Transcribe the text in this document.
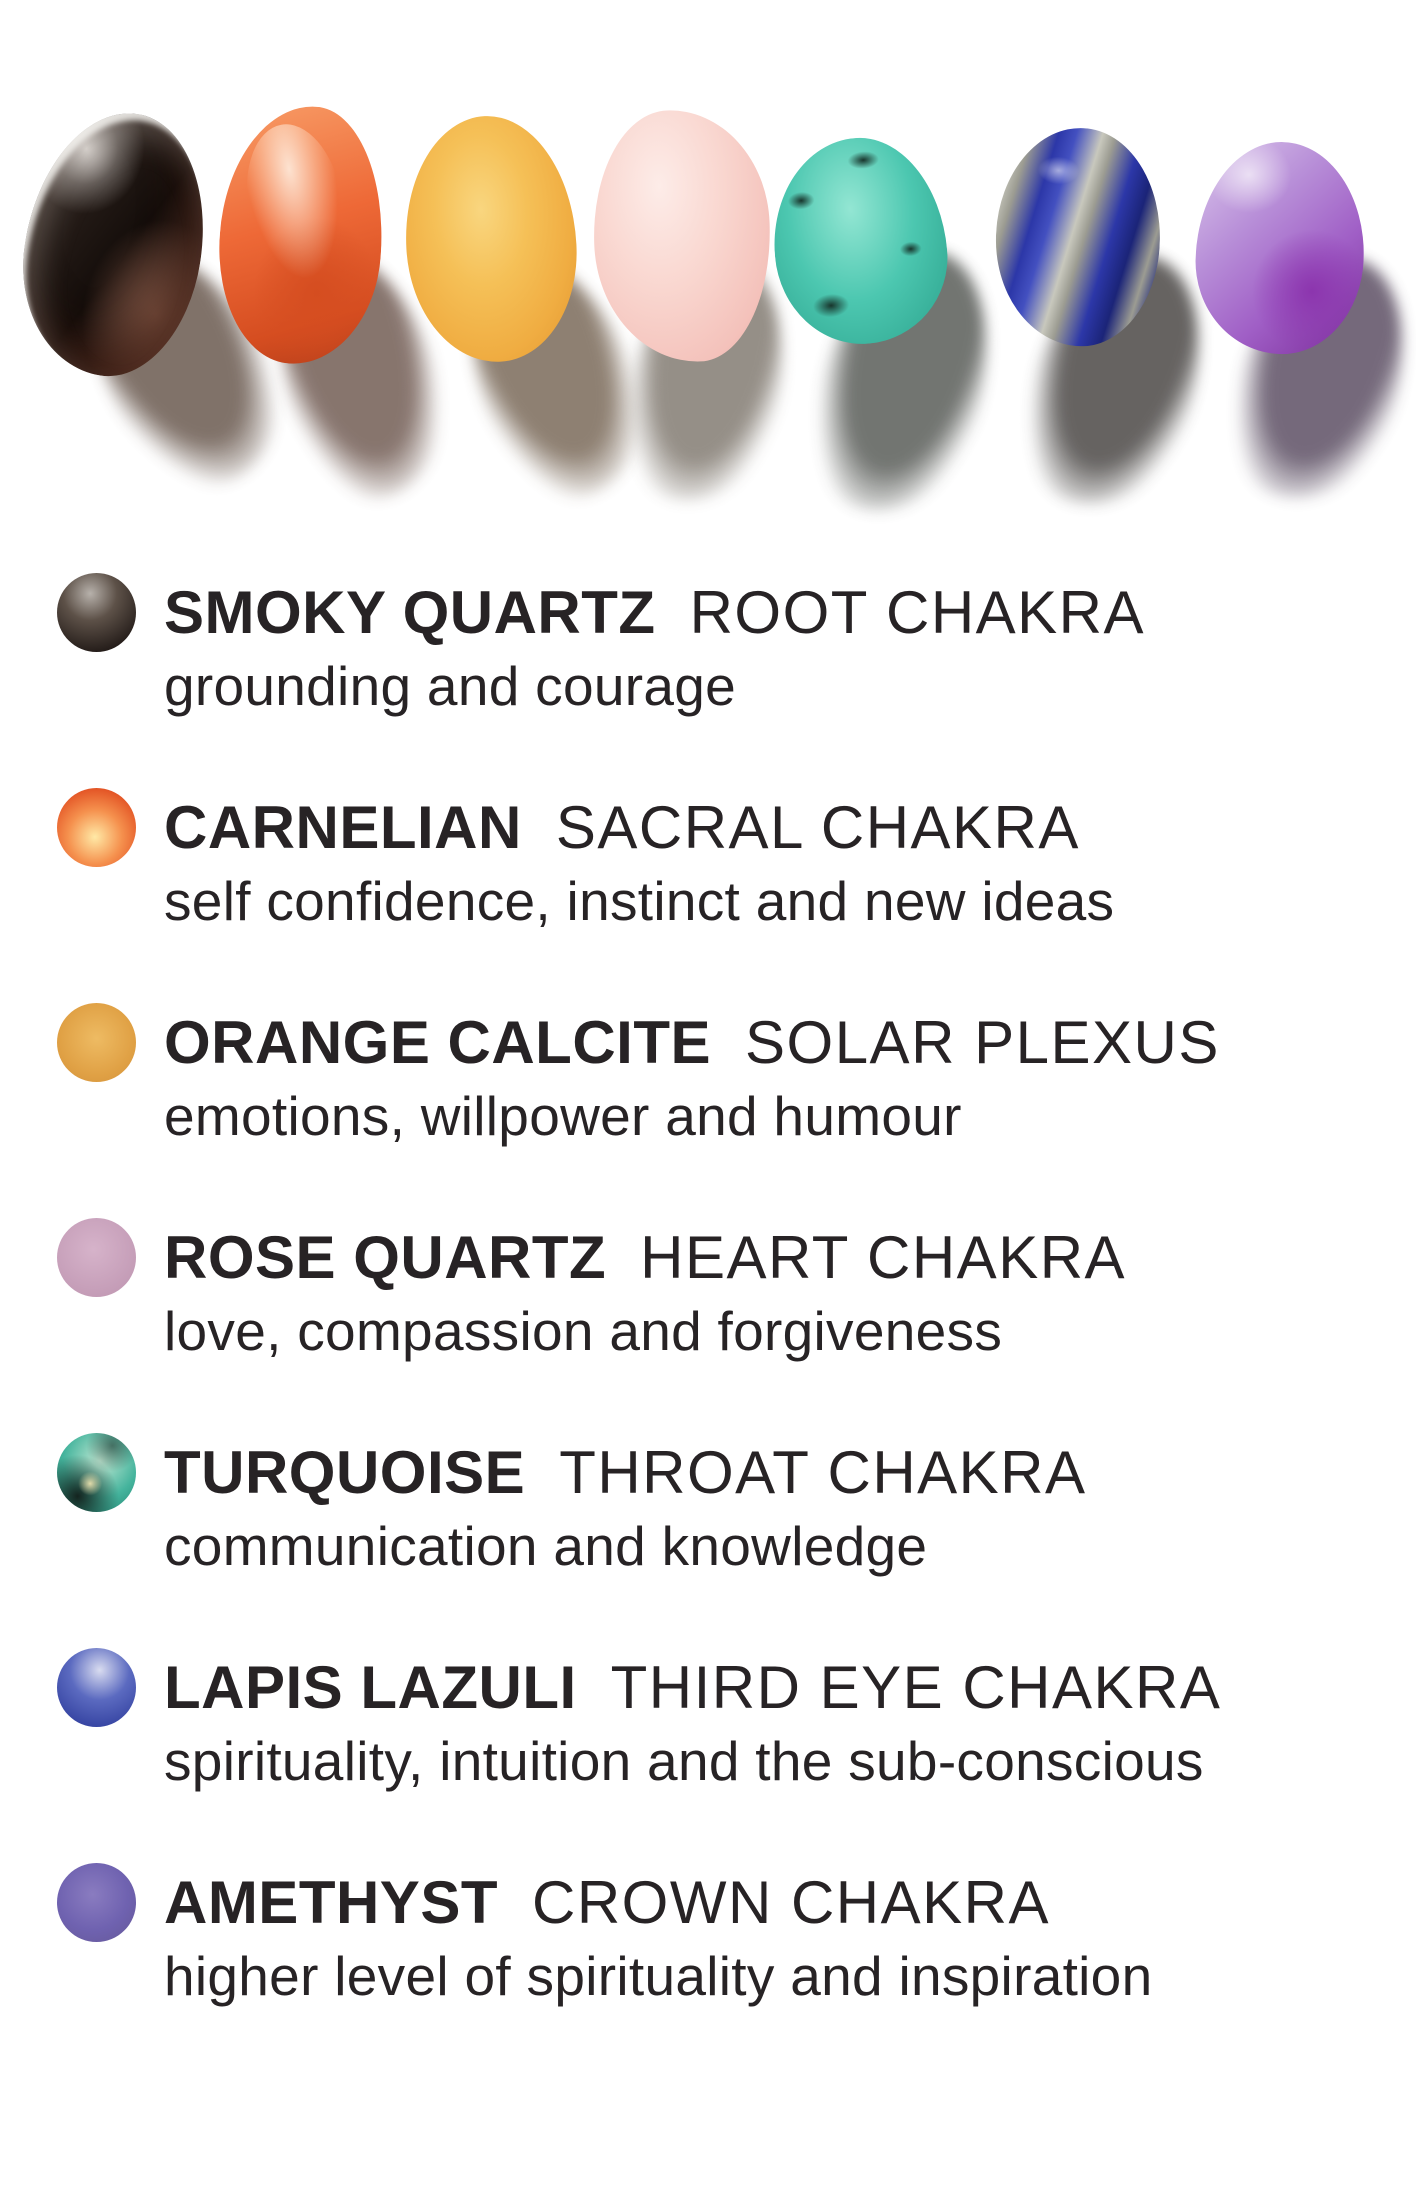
SMOKY QUARTZ ROOT CHAKRA
grounding and courage
CARNELIAN SACRAL CHAKRA
self confidence, instinct and new ideas
ORANGE CALCITE SOLAR PLEXUS
emotions, willpower and humour
ROSE QUARTZ HEART CHAKRA
love, compassion and forgiveness
TURQUOISE THROAT CHAKRA
communication and knowledge
LAPIS LAZULI THIRD EYE CHAKRA
spirituality, intuition and the sub-conscious
AMETHYST CROWN CHAKRA
higher level of spirituality and inspiration
